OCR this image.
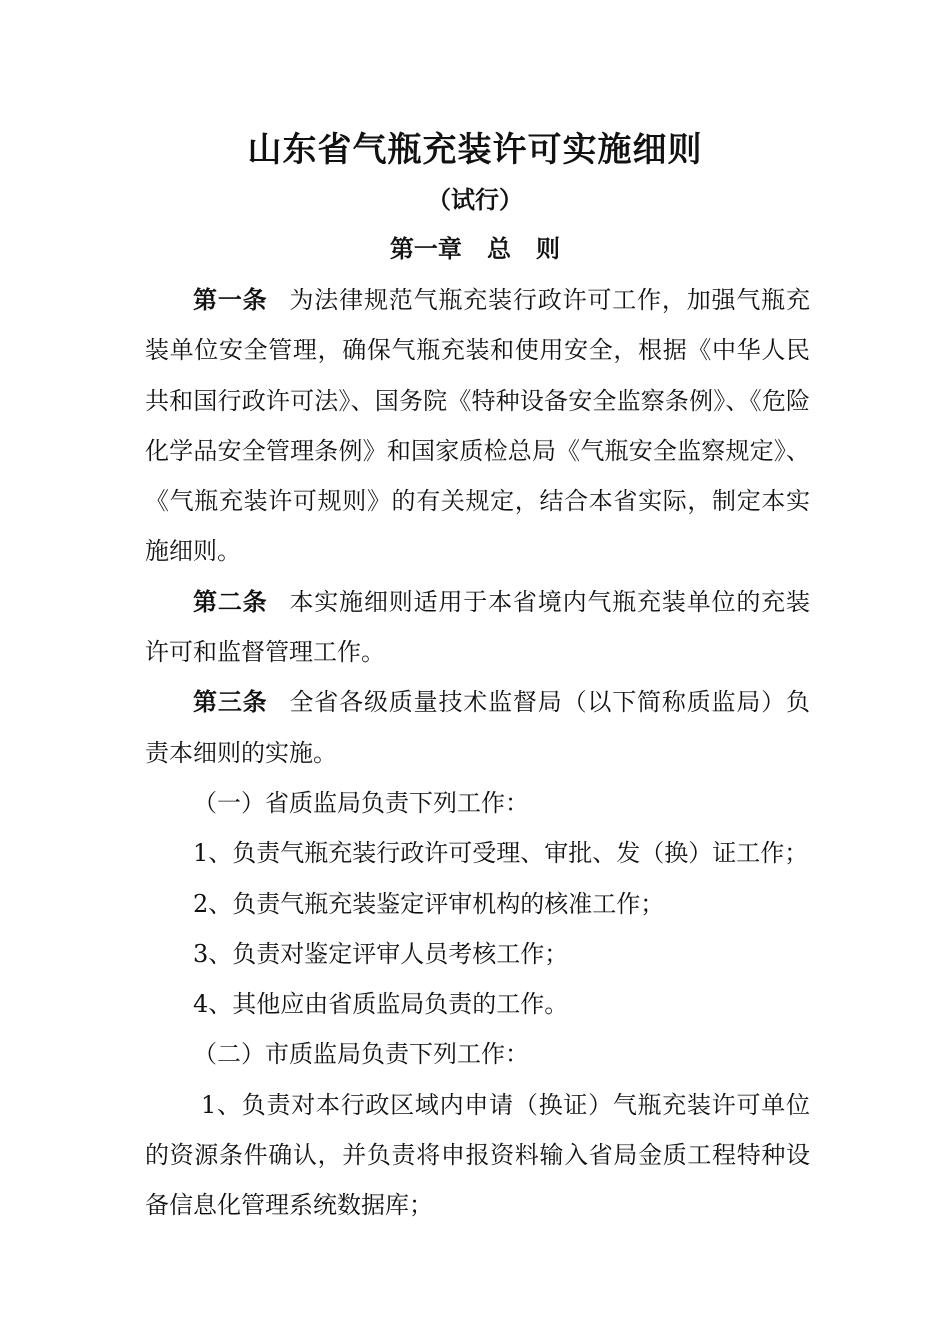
山东省气瓶充装许可实施细则
（试行）
第一章   总   则

第一条 为法律规范气瓶充装行政许可工作，加强气瓶充装单位安全管理，确保气瓶充装和使用安全，根据《中华人民共和国行政许可法》、国务院《特种设备安全监察条例》、《危险化学品安全管理条例》和国家质检总局《气瓶安全监察规定》、《气瓶充装许可规则》的有关规定，结合本省实际，制定本实施细则。

第二条 本实施细则适用于本省境内气瓶充装单位的充装许可和监督管理工作。

第三条 全省各级质量技术监督局（以下简称质监局）负责本细则的实施。

（一）省质监局负责下列工作：

1、负责气瓶充装行政许可受理、审批、发（换）证工作；

2、负责气瓶充装鉴定评审机构的核准工作；

3、负责对鉴定评审人员考核工作；

4、其他应由省质监局负责的工作。

（二）市质监局负责下列工作：

1、负责对本行政区域内申请（换证）气瓶充装许可单位的资源条件确认，并负责将申报资料输入省局金质工程特种设备信息化管理系统数据库；
